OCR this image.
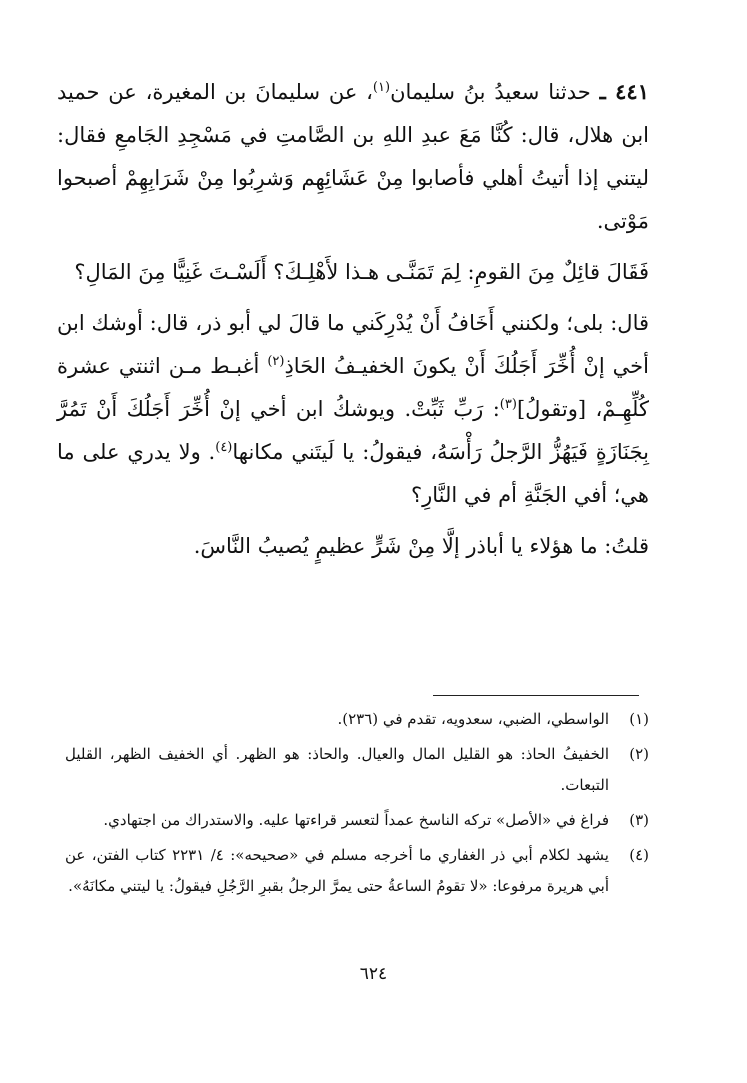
٤٤١ ـ حدثنا سعيدُ بنُ سليمان$^{(١)}$، عن سليمانَ بن المغيرة، عن حميد ابن هلال، قال: كُنَّا مَعَ عبدِ اللهِ بن الصَّامتِ في مَسْجِدِ الجَامعِ فقال: ليتني إذا أتيتُ أهلي فأصابوا مِنْ عَشَائِهِم وَشرِبُوا مِنْ شَرَابِهِمْ أصبحوا مَوْتى.

فَقَالَ قائِلٌ مِنَ القومِ: لِمَ تَمَنَّـى هـذا لأَهْلِـكَ؟ أَلَسْـتَ غَنِيًّا مِنَ المَالِ؟

قال: بلى؛ ولكنني أَخَافُ أَنْ يُدْرِكَني ما قالَ لي أبو ذر، قال: أوشك ابن أخي إنْ أُخِّرَ أَجَلُكَ أَنْ يكونَ الخفيـفُ الحَاذِ$^{(٢)}$ أغبـط مـن اثنتي عشرة كُلِّهِـمْ، [وتقولُ]$^{(٣)}$: رَبِّ ثَبِّتْ. ويوشكُ ابن أخي إنْ أُخِّرَ أَجَلُكَ أَنْ تَمُرَّ بِجَنَازَةٍ فَيَهُزُّ الرَّجلُ رَأْسَهُ، فيقولُ: يا لَيتَني مكانها$^{(٤)}$. ولا يدري على ما هي؛ أفي الجَنَّةِ أم في النَّارِ؟

قلتُ: ما هؤلاء يا أباذر إلَّا مِنْ شَرٍّ عظيمٍ يُصيبُ النَّاسَ.

(١)
الواسطي، الضبي، سعدويه، تقدم في (٢٣٦).

(٢)
الخفيفُ الحاذ: هو القليل المال والعيال. والحاذ: هو الظهر. أي الخفيف الظهر، القليل التبعات.

(٣)
فراغ في «الأصل» تركه الناسخ عمداً لتعسر قراءتها عليه. والاستدراك من اجتهادي.

(٤)
يشهد لكلام أبي ذر الغفاري ما أخرجه مسلم في «صحيحه»: ٤/ ٢٢٣١ كتاب الفتن، عن أبي هريرة مرفوعا: «لا تقومُ الساعةُ حتى يمرَّ الرجلُ بقبرِ الرَّجُلِ فيقولُ: يا ليتني مكانَهُ».

٦٢٤
